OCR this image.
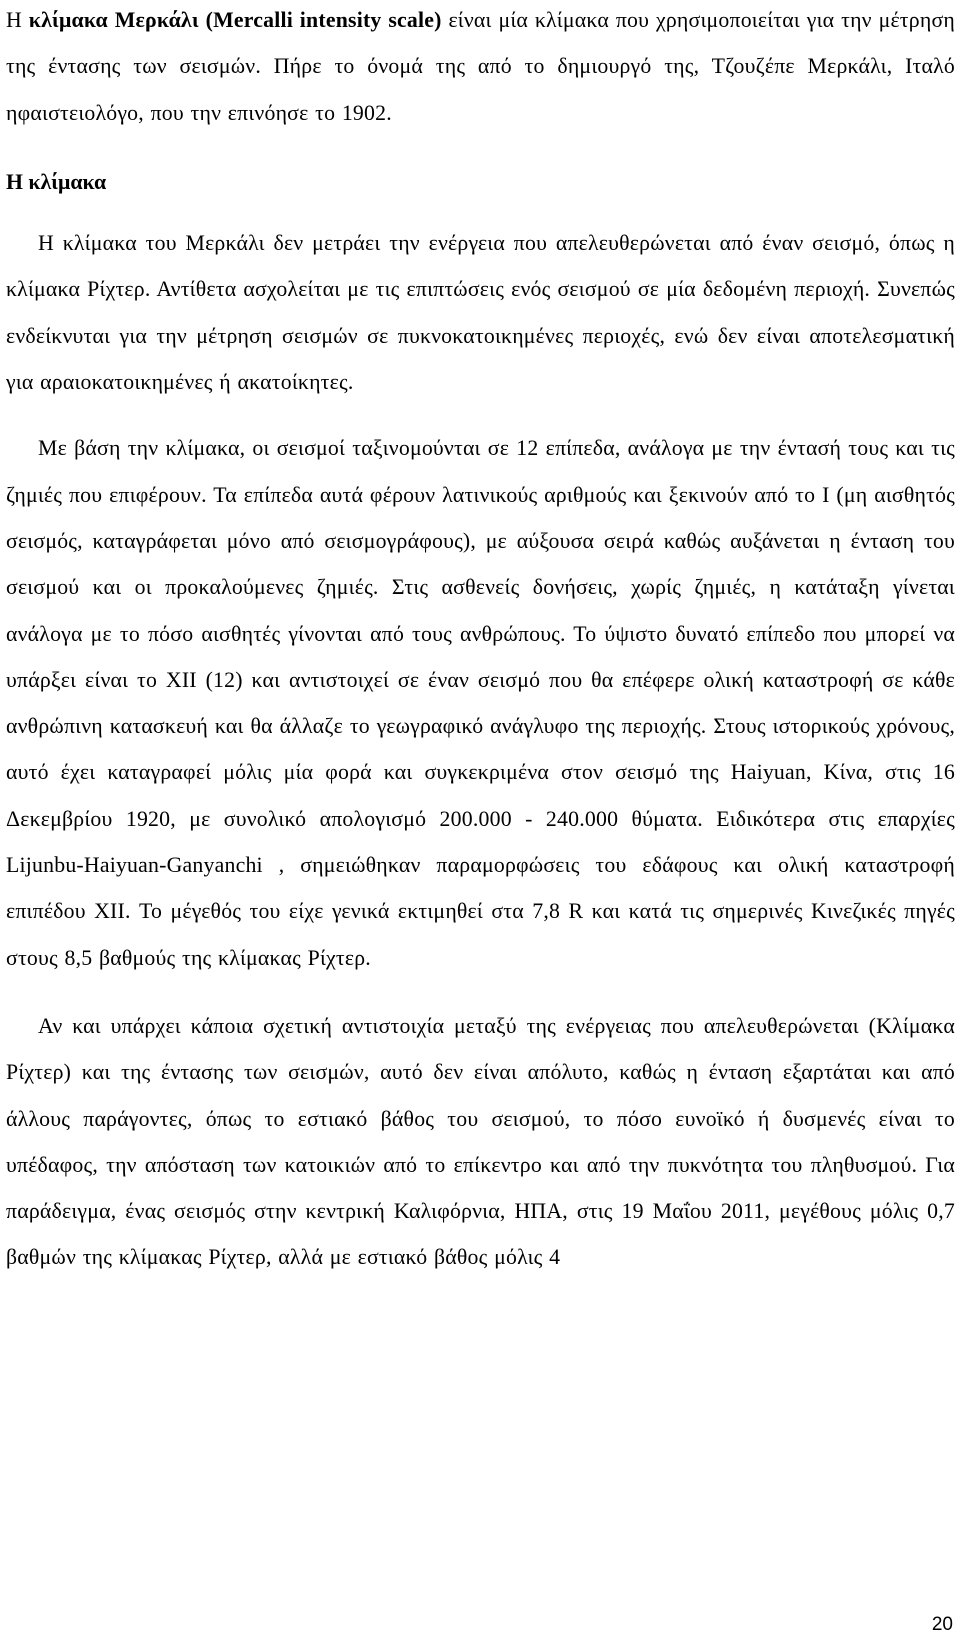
Η κλίμακα Μερκάλι (Mercalli intensity scale) είναι μία κλίμακα που χρησιμοποιείται για την μέτρηση της έντασης των σεισμών. Πήρε το όνομά της από το δημιουργό της, Τζουζέπε Μερκάλι, Ιταλό ηφαιστειολόγο, που την επινόησε το 1902.

Η κλίμακα

Η κλίμακα του Μερκάλι δεν μετράει την ενέργεια που απελευθερώνεται από έναν σεισμό, όπως η κλίμακα Ρίχτερ. Αντίθετα ασχολείται με τις επιπτώσεις ενός σεισμού σε μία δεδομένη περιοχή. Συνεπώς ενδείκνυται για την μέτρηση σεισμών σε πυκνοκατοικημένες περιοχές, ενώ δεν είναι αποτελεσματική για αραιοκατοικημένες ή ακατοίκητες.

Με βάση την κλίμακα, οι σεισμοί ταξινομούνται σε 12 επίπεδα, ανάλογα με την έντασή τους και τις ζημιές που επιφέρουν. Τα επίπεδα αυτά φέρουν λατινικούς αριθμούς και ξεκινούν από το I (μη αισθητός σεισμός, καταγράφεται μόνο από σεισμογράφους), με αύξουσα σειρά καθώς αυξάνεται η ένταση του σεισμού και οι προκαλούμενες ζημιές. Στις ασθενείς δονήσεις, χωρίς ζημιές, η κατάταξη γίνεται ανάλογα με το πόσο αισθητές γίνονται από τους ανθρώπους. Το ύψιστο δυνατό επίπεδο που μπορεί να υπάρξει είναι το XII (12) και αντιστοιχεί σε έναν σεισμό που θα επέφερε ολική καταστροφή σε κάθε ανθρώπινη κατασκευή και θα άλλαζε το γεωγραφικό ανάγλυφο της περιοχής. Στους ιστορικούς χρόνους, αυτό έχει καταγραφεί μόλις μία φορά και συγκεκριμένα στον σεισμό της Haiyuan, Κίνα, στις 16 Δεκεμβρίου 1920, με συνολικό απολογισμό 200.000 - 240.000 θύματα. Ειδικότερα στις επαρχίες Lijunbu-Haiyuan-Ganyanchi , σημειώθηκαν παραμορφώσεις του εδάφους και ολική καταστροφή επιπέδου XII. Το μέγεθός του είχε γενικά εκτιμηθεί στα 7,8 R και κατά τις σημερινές Κινεζικές πηγές στους 8,5 βαθμούς της κλίμακας Ρίχτερ.

Αν και υπάρχει κάποια σχετική αντιστοιχία μεταξύ της ενέργειας που απελευθερώνεται (Κλίμακα Ρίχτερ) και της έντασης των σεισμών, αυτό δεν είναι απόλυτο, καθώς η ένταση εξαρτάται και από άλλους παράγοντες, όπως το εστιακό βάθος του σεισμού, το πόσο ευνοϊκό ή δυσμενές είναι το υπέδαφος, την απόσταση των κατοικιών από το επίκεντρο και από την πυκνότητα του πληθυσμού. Για παράδειγμα, ένας σεισμός στην κεντρική Καλιφόρνια, ΗΠΑ, στις 19 Μαΐου 2011, μεγέθους μόλις 0,7 βαθμών της κλίμακας Ρίχτερ, αλλά με εστιακό βάθος μόλις 4

20
